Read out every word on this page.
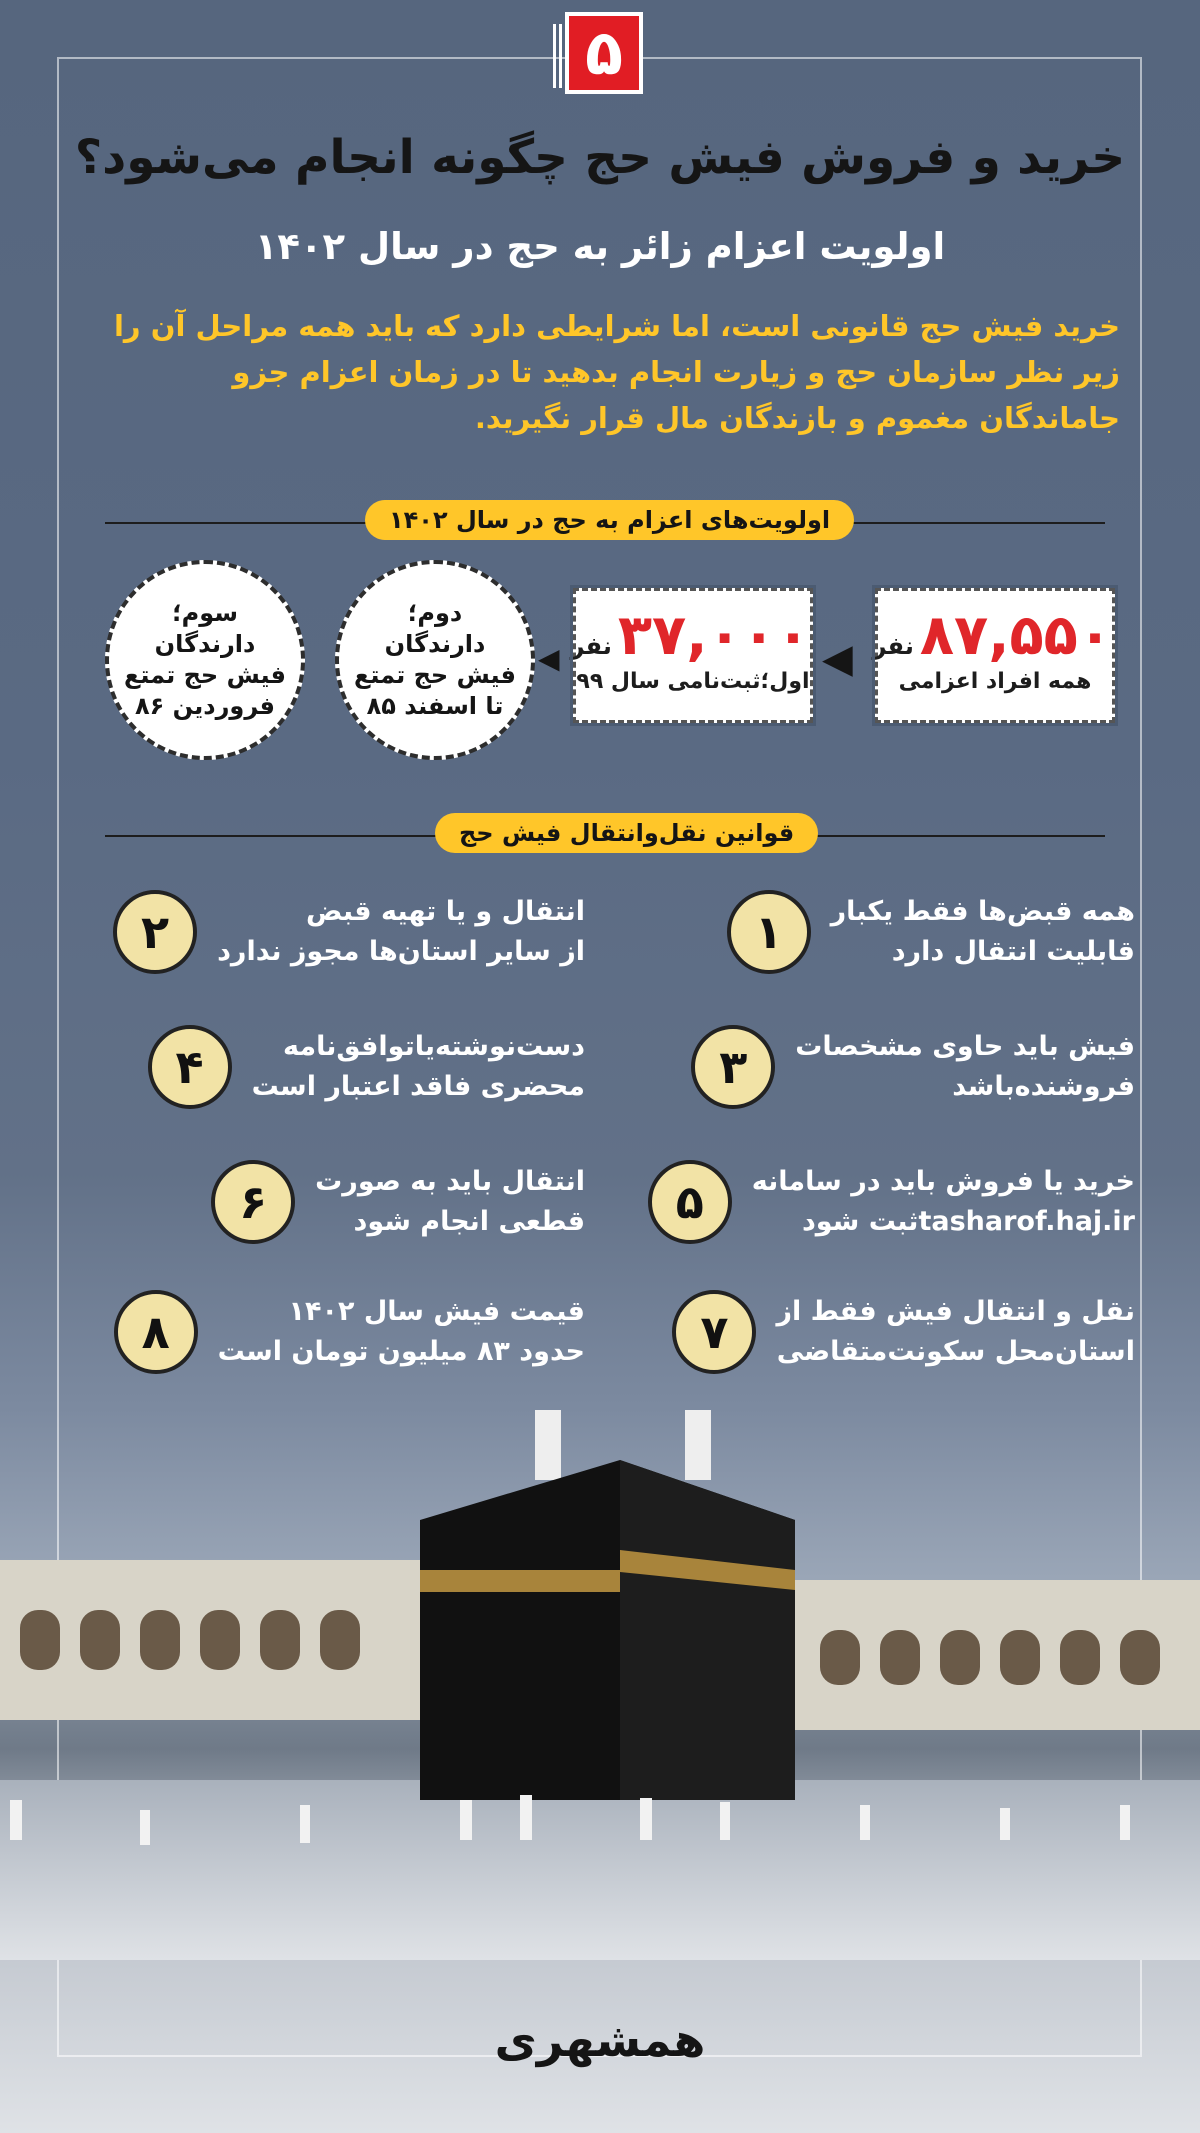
۵
خرید و فروش فیش حج چگونه انجام می‌شود؟
اولویت اعزام زائر به حج در سال ۱۴۰۲
خرید فیش حج قانونی است، اما شرایطی دارد که باید همه مراحل آن را زیر نظر سازمان حج و زیارت انجام بدهید تا در زمان اعزام جزو جاماندگان مغموم و بازندگان مال قرار نگیرید.
اولویت‌های اعزام به حج در سال ۱۴۰۲
۸۷,۵۵۰نفر
همه افراد اعزامی
◀
۳۷,۰۰۰نفر
اول؛ثبت‌نامی سال ۹۹
◀
دوم؛
دارندگان
فیش حج تمتع
تا اسفند ۸۵
سوم؛
دارندگان
فیش حج تمتع
فروردین ۸۶
قوانین نقل‌وانتقال فیش حج
همه قبض‌ها فقط یکبار
قابلیت انتقال دارد
۱
انتقال و یا تهیه قبض
از سایر استان‌ها مجوز ندارد
۲
فیش باید حاوی مشخصات
فروشنده‌باشد
۳
دست‌نوشته‌یاتوافق‌نامه
محضری فاقد اعتبار است
۴
خرید یا فروش باید در سامانه
tasharof.haj.irثبت شود
۵
انتقال باید به صورت
قطعی انجام شود
۶
نقل و انتقال فیش فقط از
استان‌محل سکونت‌متقاضی
۷
قیمت فیش سال ۱۴۰۲
حدود ۸۳ میلیون تومان است
۸
همشهری
